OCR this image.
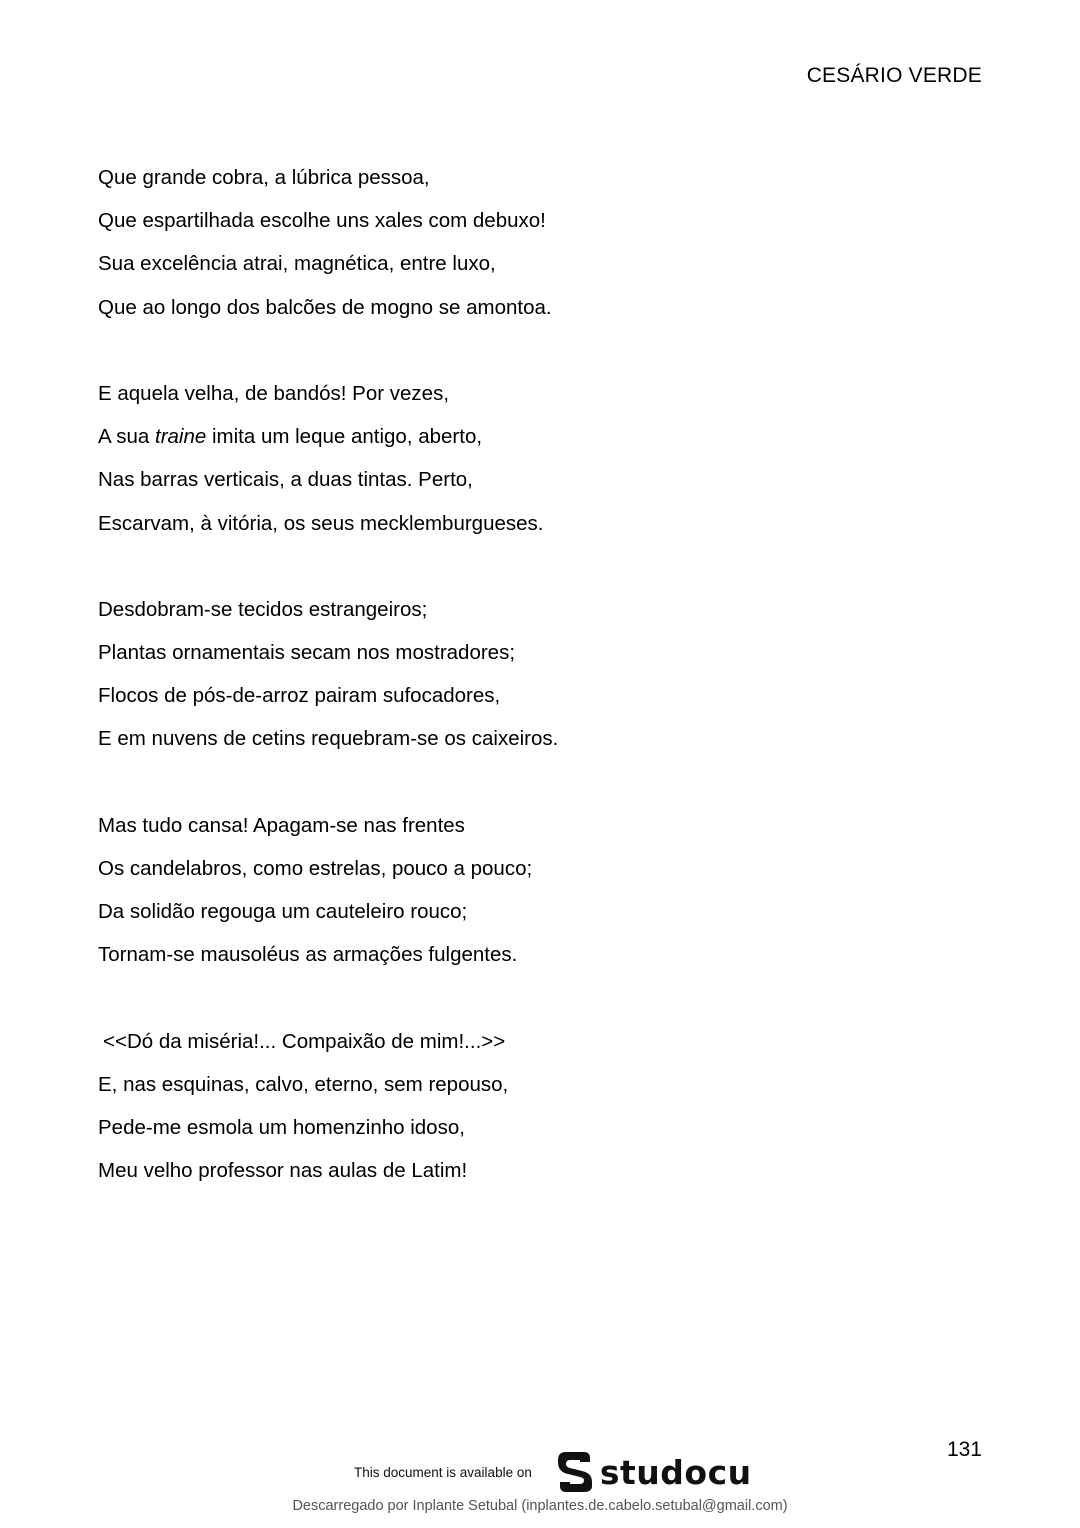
CESÁRIO VERDE
Que grande cobra, a lúbrica pessoa,
Que espartilhada escolhe uns xales com debuxo!
Sua excelência atrai, magnética, entre luxo,
Que ao longo dos balcões de mogno se amontoa.
E aquela velha, de bandós! Por vezes,
A sua traine imita um leque antigo, aberto,
Nas barras verticais, a duas tintas. Perto,
Escarvam, à vitória, os seus mecklemburgueses.
Desdobram-se tecidos estrangeiros;
Plantas ornamentais secam nos mostradores;
Flocos de pós-de-arroz pairam sufocadores,
E em nuvens de cetins requebram-se os caixeiros.
Mas tudo cansa! Apagam-se nas frentes
Os candelabros, como estrelas, pouco a pouco;
Da solidão regouga um cauteleiro rouco;
Tornam-se mausoléus as armações fulgentes.
<<Dó da miséria!... Compaixão de mim!...>>
E, nas esquinas, calvo, eterno, sem repouso,
Pede-me esmola um homenzinho idoso,
Meu velho professor nas aulas de Latim!
131
This document is available on studocu
Descarregado por Inplante Setubal (inplantes.de.cabelo.setubal@gmail.com)
